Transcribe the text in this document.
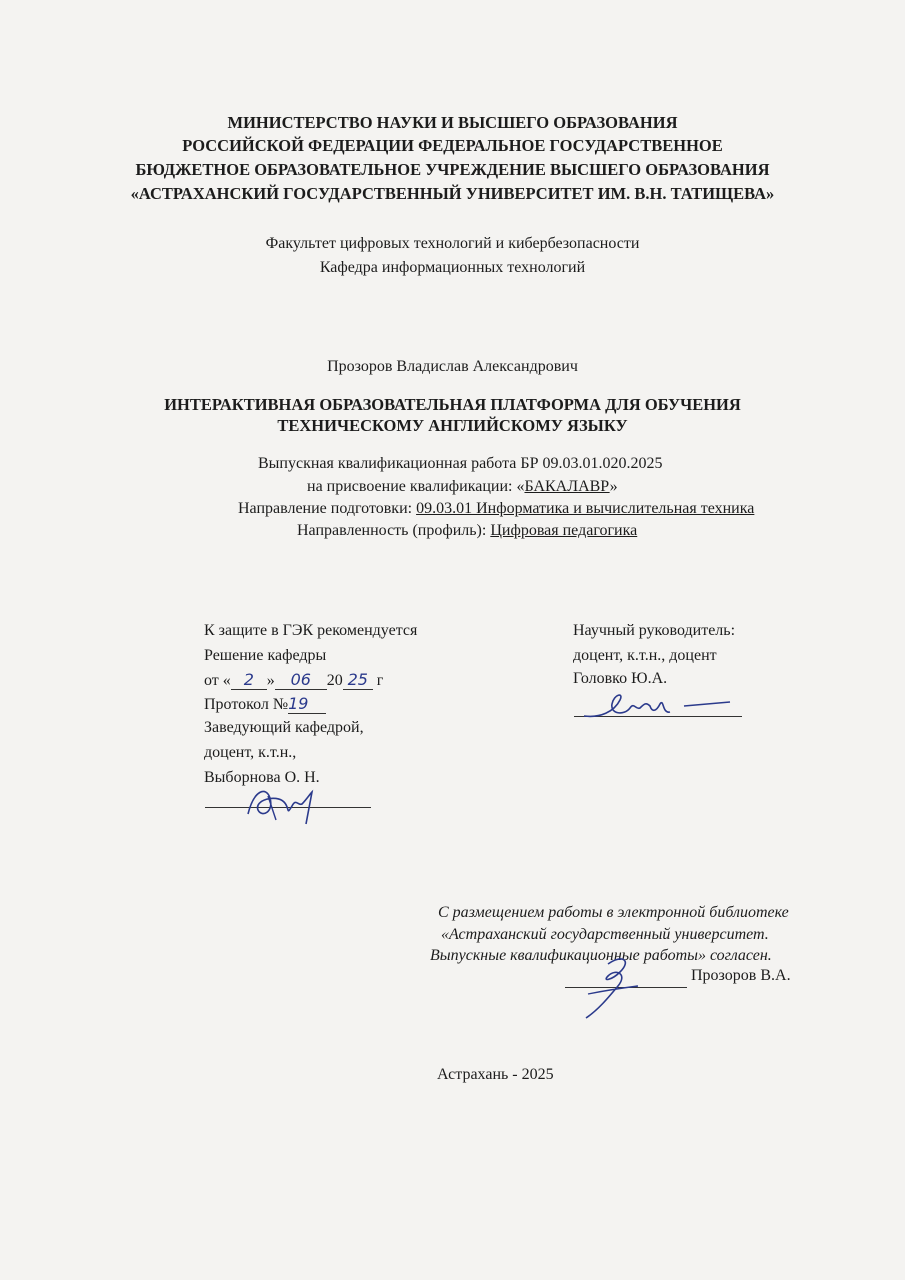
МИНИСТЕРСТВО НАУКИ И ВЫСШЕГО ОБРАЗОВАНИЯ
РОССИЙСКОЙ ФЕДЕРАЦИИ ФЕДЕРАЛЬНОЕ ГОСУДАРСТВЕННОЕ
БЮДЖЕТНОЕ ОБРАЗОВАТЕЛЬНОЕ УЧРЕЖДЕНИЕ ВЫСШЕГО ОБРАЗОВАНИЯ
«АСТРАХАНСКИЙ ГОСУДАРСТВЕННЫЙ УНИВЕРСИТЕТ ИМ. В.Н. ТАТИЩЕВА»
Факультет цифровых технологий и кибербезопасности
Кафедра информационных технологий
Прозоров Владислав Александрович
ИНТЕРАКТИВНАЯ ОБРАЗОВАТЕЛЬНАЯ ПЛАТФОРМА ДЛЯ ОБУЧЕНИЯ
ТЕХНИЧЕСКОМУ АНГЛИЙСКОМУ ЯЗЫКУ
Выпускная квалификационная работа БР 09.03.01.020.2025
на присвоение квалификации: «БАКАЛАВР»
Направление подготовки: 09.03.01 Информатика и вычислительная техника
Направленность (профиль): Цифровая педагогика
К защите в ГЭК рекомендуется
Решение кафедры
от « 2 » 06 20 25 г
Протокол №19
Заведующий кафедрой,
доцент, к.т.н.,
Выборнова О. Н.
Научный руководитель:
доцент, к.т.н., доцент
Головко Ю.А.
С размещением работы в электронной библиотеке
«Астраханский государственный университет.
Выпускные квалификационные работы» согласен.
Прозоров В.А.
Астрахань - 2025
